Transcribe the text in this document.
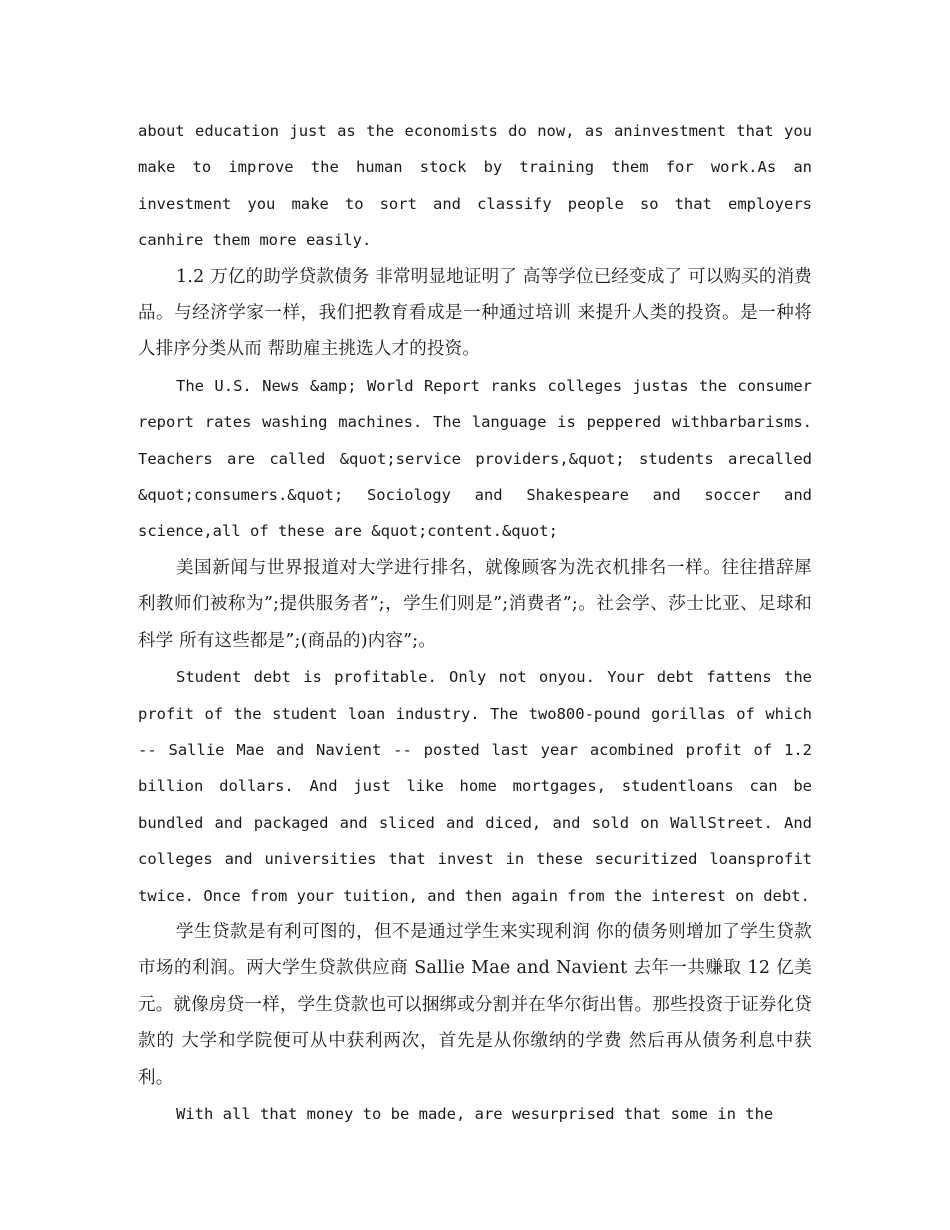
about education just as the economists do now, as aninvestment that you make to improve the human stock by training them for work.As an investment you make to sort and classify people so that employers canhire them more easily.

1.2 万亿的助学贷款债务 非常明显地证明了 高等学位已经变成了 可以购买的消费品。与经济学家一样，我们把教育看成是一种通过培训 来提升人类的投资。是一种将人排序分类从而 帮助雇主挑选人才的投资。

The U.S. News &amp; World Report ranks colleges justas the consumer report rates washing machines. The language is peppered withbarbarisms. Teachers are called &quot;service providers,&quot; students arecalled &quot;consumers.&quot; Sociology and Shakespeare and soccer and science,all of these are &quot;content.&quot;

美国新闻与世界报道对大学进行排名，就像顾客为洗衣机排名一样。往往措辞犀利教师们被称为”;提供服务者”;，学生们则是”;消费者”;。社会学、莎士比亚、足球和科学 所有这些都是”;(商品的)内容”;。

Student debt is profitable. Only not onyou. Your debt fattens the profit of the student loan industry. The two800-pound gorillas of which -- Sallie Mae and Navient -- posted last year acombined profit of 1.2 billion dollars. And just like home mortgages, studentloans can be bundled and packaged and sliced and diced, and sold on WallStreet. And colleges and universities that invest in these securitized loansprofit twice. Once from your tuition, and then again from the interest on debt.

学生贷款是有利可图的，但不是通过学生来实现利润 你的债务则增加了学生贷款市场的利润。两大学生贷款供应商 Sallie Mae and Navient 去年一共赚取 12 亿美元。就像房贷一样，学生贷款也可以捆绑或分割并在华尔街出售。那些投资于证券化贷款的 大学和学院便可从中获利两次，首先是从你缴纳的学费 然后再从债务利息中获利。

With all that money to be made, are wesurprised that some in the
